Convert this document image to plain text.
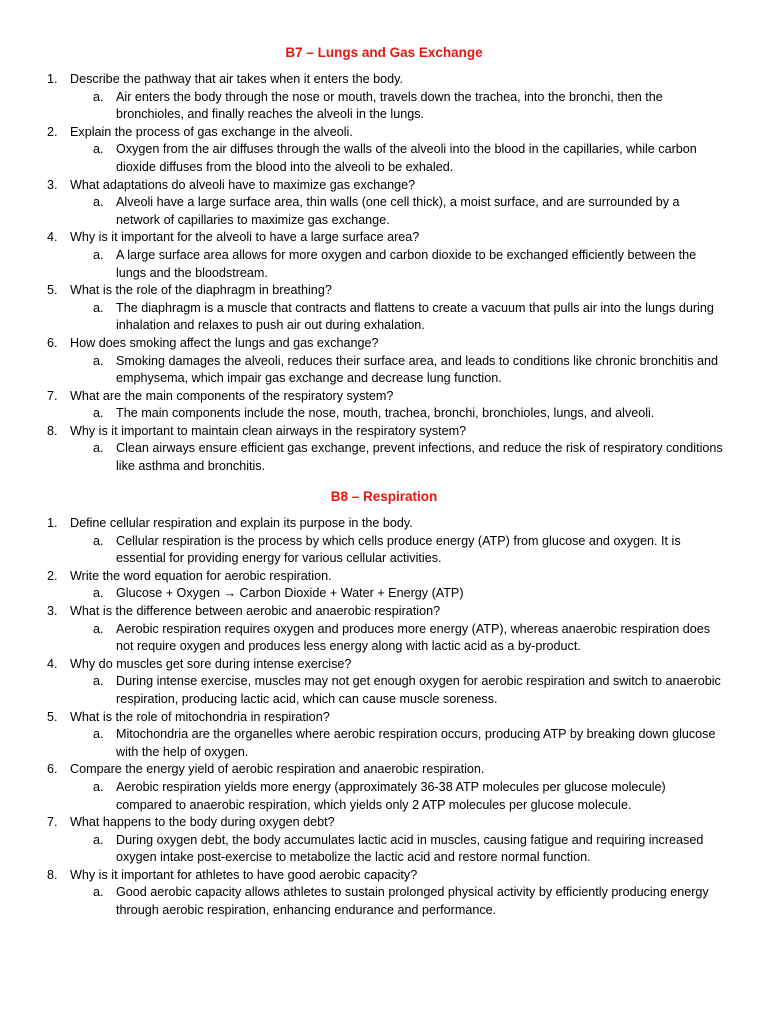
B7 – Lungs and Gas Exchange
1. Describe the pathway that air takes when it enters the body.
a. Air enters the body through the nose or mouth, travels down the trachea, into the bronchi, then the bronchioles, and finally reaches the alveoli in the lungs.
2. Explain the process of gas exchange in the alveoli.
a. Oxygen from the air diffuses through the walls of the alveoli into the blood in the capillaries, while carbon dioxide diffuses from the blood into the alveoli to be exhaled.
3. What adaptations do alveoli have to maximize gas exchange?
a. Alveoli have a large surface area, thin walls (one cell thick), a moist surface, and are surrounded by a network of capillaries to maximize gas exchange.
4. Why is it important for the alveoli to have a large surface area?
a. A large surface area allows for more oxygen and carbon dioxide to be exchanged efficiently between the lungs and the bloodstream.
5. What is the role of the diaphragm in breathing?
a. The diaphragm is a muscle that contracts and flattens to create a vacuum that pulls air into the lungs during inhalation and relaxes to push air out during exhalation.
6. How does smoking affect the lungs and gas exchange?
a. Smoking damages the alveoli, reduces their surface area, and leads to conditions like chronic bronchitis and emphysema, which impair gas exchange and decrease lung function.
7. What are the main components of the respiratory system?
a. The main components include the nose, mouth, trachea, bronchi, bronchioles, lungs, and alveoli.
8. Why is it important to maintain clean airways in the respiratory system?
a. Clean airways ensure efficient gas exchange, prevent infections, and reduce the risk of respiratory conditions like asthma and bronchitis.
B8 – Respiration
1. Define cellular respiration and explain its purpose in the body.
a. Cellular respiration is the process by which cells produce energy (ATP) from glucose and oxygen. It is essential for providing energy for various cellular activities.
2. Write the word equation for aerobic respiration.
a. Glucose + Oxygen → Carbon Dioxide + Water + Energy (ATP)
3. What is the difference between aerobic and anaerobic respiration?
a. Aerobic respiration requires oxygen and produces more energy (ATP), whereas anaerobic respiration does not require oxygen and produces less energy along with lactic acid as a by-product.
4. Why do muscles get sore during intense exercise?
a. During intense exercise, muscles may not get enough oxygen for aerobic respiration and switch to anaerobic respiration, producing lactic acid, which can cause muscle soreness.
5. What is the role of mitochondria in respiration?
a. Mitochondria are the organelles where aerobic respiration occurs, producing ATP by breaking down glucose with the help of oxygen.
6. Compare the energy yield of aerobic respiration and anaerobic respiration.
a. Aerobic respiration yields more energy (approximately 36-38 ATP molecules per glucose molecule) compared to anaerobic respiration, which yields only 2 ATP molecules per glucose molecule.
7. What happens to the body during oxygen debt?
a. During oxygen debt, the body accumulates lactic acid in muscles, causing fatigue and requiring increased oxygen intake post-exercise to metabolize the lactic acid and restore normal function.
8. Why is it important for athletes to have good aerobic capacity?
a. Good aerobic capacity allows athletes to sustain prolonged physical activity by efficiently producing energy through aerobic respiration, enhancing endurance and performance.
